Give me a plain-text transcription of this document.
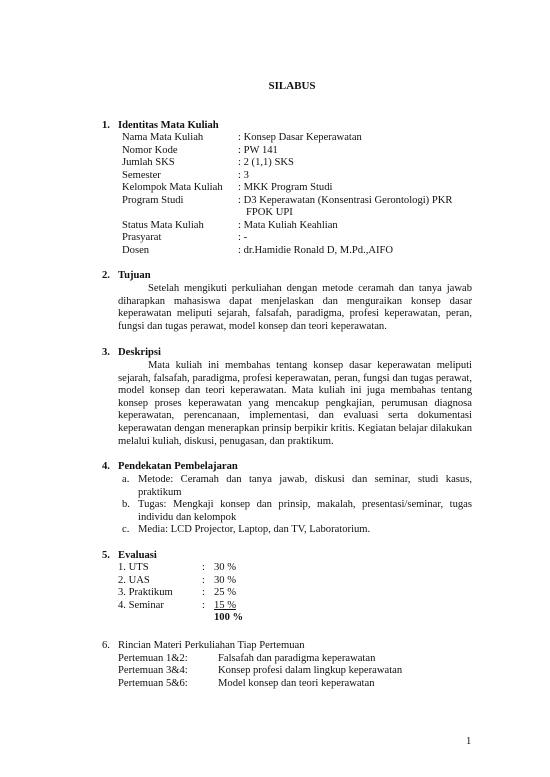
SILABUS
1. Identitas Mata Kuliah
Nama Mata Kuliah	: Konsep Dasar Keperawatan
Nomor Kode	: PW 141
Jumlah SKS	: 2 (1,1) SKS
Semester	: 3
Kelompok Mata Kuliah : MKK Program Studi
Program Studi	: D3 Keperawatan (Konsentrasi Gerontologi) PKR
FPOK UPI
Status Mata Kuliah	: Mata Kuliah Keahlian
Prasyarat	: -
Dosen	: dr.Hamidie Ronald D, M.Pd.,AIFO
2. Tujuan

Setelah mengikuti perkuliahan dengan metode ceramah dan tanya jawab diharapkan mahasiswa dapat menjelaskan dan menguraikan konsep dasar keperawatan meliputi sejarah, falsafah, paradigma, profesi keperawatan, peran, fungsi dan tugas perawat, model konsep dan teori keperawatan.

3. Deskripsi

Mata kuliah ini membahas tentang konsep dasar keperawatan meliputi sejarah, falsafah, paradigma, profesi keperawatan, peran, fungsi dan tugas perawat, model konsep dan teori keperawatan. Mata kuliah ini juga membahas tentang konsep proses keperawatan yang mencakup pengkajian, perumusan diagnosa keperawatan, perencanaan, implementasi, dan evaluasi serta dokumentasi keperawatan dengan menerapkan prinsip berpikir kritis. Kegiatan belajar dilakukan melalui kuliah, diskusi, penugasan, dan praktikum.

4. Pendekatan Pembelajaran
a. Metode: Ceramah dan tanya jawab, diskusi dan seminar, studi kasus, praktikum
b. Tugas: Mengkaji konsep dan prinsip, makalah, presentasi/seminar, tugas individu dan kelompok
c. Media: LCD Projector, Laptop, dan TV, Laboratorium.
5. Evaluasi
1. UTS	: 30 %
2. UAS	: 30 %
3. Praktikum	: 25 %
4. Seminar	: 15 %
100 %
6. Rincian Materi Perkuliahan Tiap Pertemuan
Pertemuan 1&2:	Falsafah dan paradigma keperawatan
Pertemuan 3&4:	Konsep profesi dalam lingkup keperawatan
Pertemuan 5&6:	Model konsep dan teori keperawatan
1
